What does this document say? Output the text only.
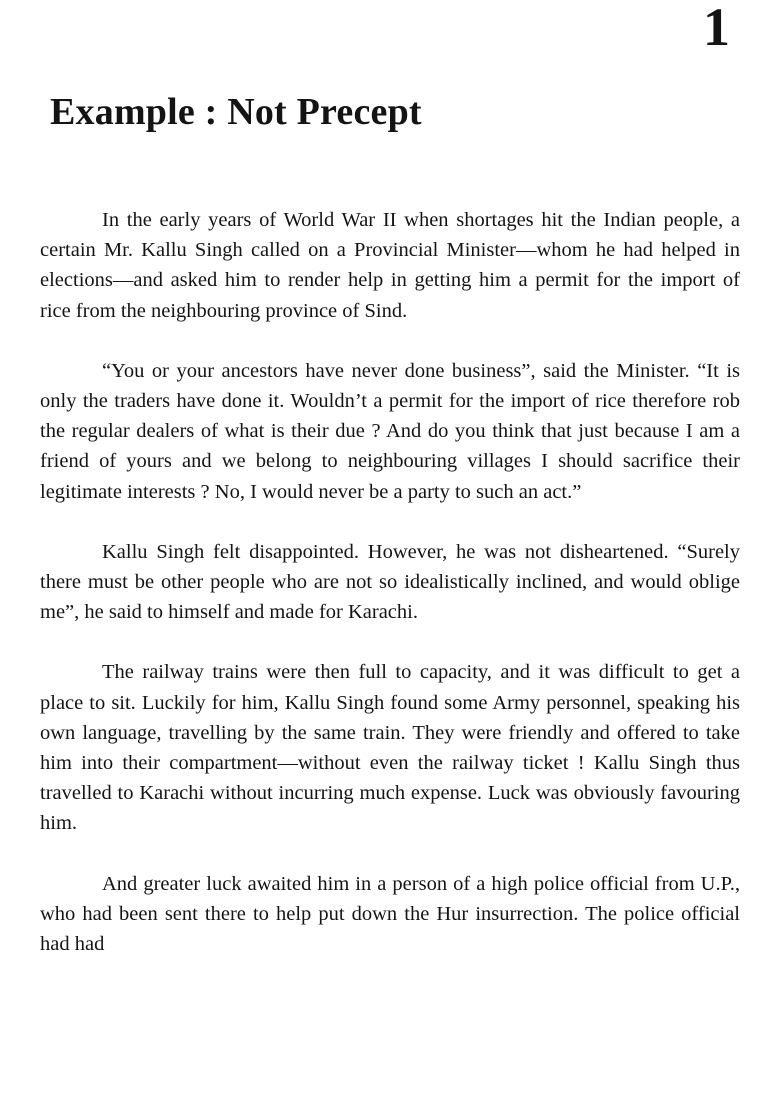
1
Example : Not Precept

In the early years of World War II when shortages hit the Indian people, a certain Mr. Kallu Singh called on a Provincial Minister—whom he had helped in elections—and asked him to render help in getting him a permit for the import of rice from the neighbouring province of Sind.

“You or your ancestors have never done business”, said the Minister. “It is only the traders have done it. Wouldn’t a permit for the import of rice therefore rob the regular dealers of what is their due ? And do you think that just because I am a friend of yours and we belong to neighbouring villages I should sacrifice their legitimate interests ? No, I would never be a party to such an act.”

Kallu Singh felt disappointed. However, he was not disheartened. “Surely there must be other people who are not so idealistically inclined, and would oblige me”, he said to himself and made for Karachi.

The railway trains were then full to capacity, and it was difficult to get a place to sit. Luckily for him, Kallu Singh found some Army personnel, speaking his own language, travelling by the same train. They were friendly and offered to take him into their compartment—without even the railway ticket ! Kallu Singh thus travelled to Karachi without incurring much expense. Luck was obviously favouring him.

And greater luck awaited him in a person of a high police official from U.P., who had been sent there to help put down the Hur insurrection. The police official had had
